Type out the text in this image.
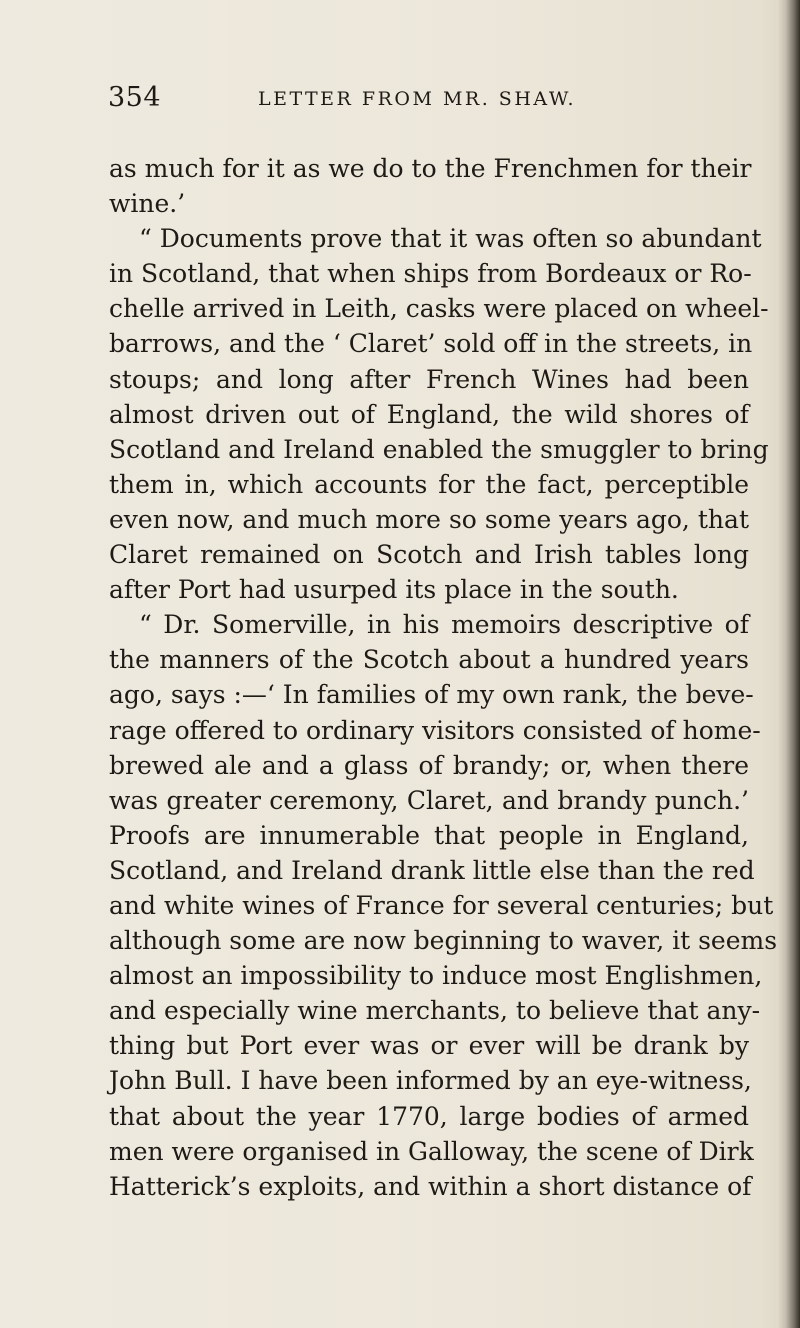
354	LETTER FROM MR. SHAW.
as much for it as we do to the Frenchmen for their
wine.’
“ Documents prove that it was often so abundant
in Scotland, that when ships from Bordeaux or Ro-
chelle arrived in Leith, casks were placed on wheel-
barrows, and the ‘ Claret’ sold off in the streets, in
stoups; and long after French Wines had been
almost driven out of England, the wild shores of
Scotland and Ireland enabled the smuggler to bring
them in, which accounts for the fact, perceptible
even now, and much more so some years ago, that
Claret remained on Scotch and Irish tables long
after Port had usurped its place in the south.
“ Dr. Somerville, in his memoirs descriptive of
the manners of the Scotch about a hundred years
ago, says :—‘ In families of my own rank, the beve-
rage offered to ordinary visitors consisted of home-
brewed ale and a glass of brandy; or, when there
was greater ceremony, Claret, and brandy punch.’
Proofs are innumerable that people in England,
Scotland, and Ireland drank little else than the red
and white wines of France for several centuries; but
although some are now beginning to waver, it seems
almost an impossibility to induce most Englishmen,
and especially wine merchants, to believe that any-
thing but Port ever was or ever will be drank by
John Bull. I have been informed by an eye-witness,
that about the year 1770, large bodies of armed
men were organised in Galloway, the scene of Dirk
Hatterick’s exploits, and within a short distance of
